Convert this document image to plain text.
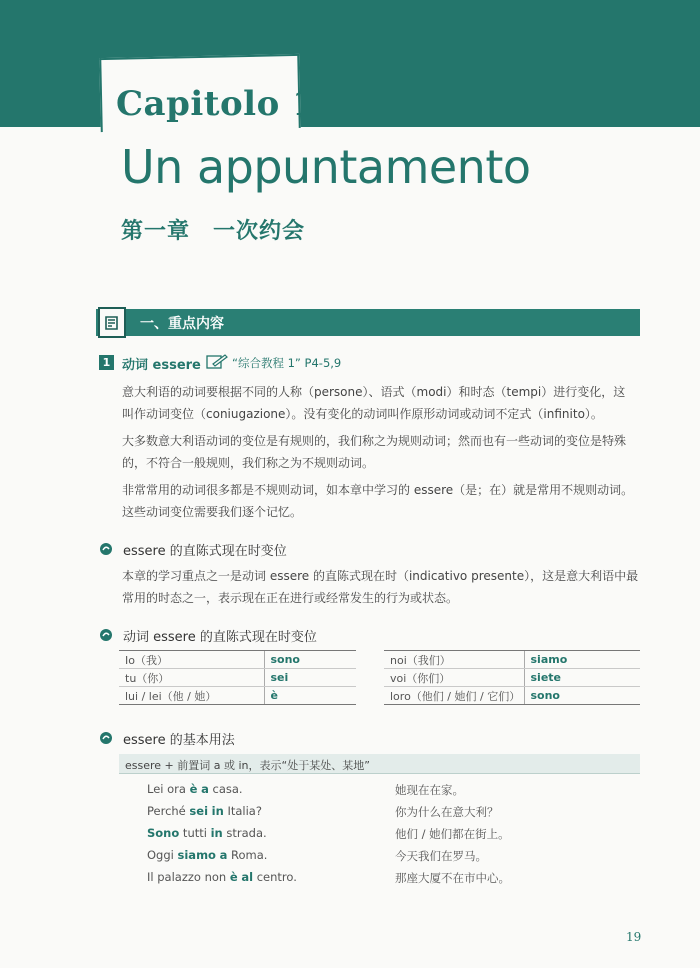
Capitolo 1
Un appuntamento
第一章　一次约会
一、重点内容
1 动词 essere	“综合教程 1” P4-5,9
意大利语的动词要根据不同的人称（persone）、语式（modi）和时态（tempi）进行变化，这
叫作动词变位（coniugazione）。没有变化的动词叫作原形动词或动词不定式（infinito）。
大多数意大利语动词的变位是有规则的，我们称之为规则动词；然而也有一些动词的变位是特殊
的，不符合一般规则，我们称之为不规则动词。
非常常用的动词很多都是不规则动词，如本章中学习的 essere（是；在）就是常用不规则动词。
这些动词变位需要我们逐个记忆。
essere 的直陈式现在时变位
本章的学习重点之一是动词 essere 的直陈式现在时（indicativo presente），这是意大利语中最
常用的时态之一，表示现在正在进行或经常发生的行为或状态。
动词 essere 的直陈式现在时变位
Io（我）	sono
tu（你）	sei
lui / lei（他 / 她）	è
noi（我们）	siamo
voi（你们）	siete
loro（他们 / 她们 / 它们）	sono
essere 的基本用法
essere + 前置词 a 或 in，表示“处于某处、某地”
Lei ora è a casa.	她现在在家。
Perché sei in Italia?	你为什么在意大利？
Sono tutti in strada.	他们 / 她们都在街上。
Oggi siamo a Roma.	今天我们在罗马。
Il palazzo non è al centro.	那座大厦不在市中心。
19
